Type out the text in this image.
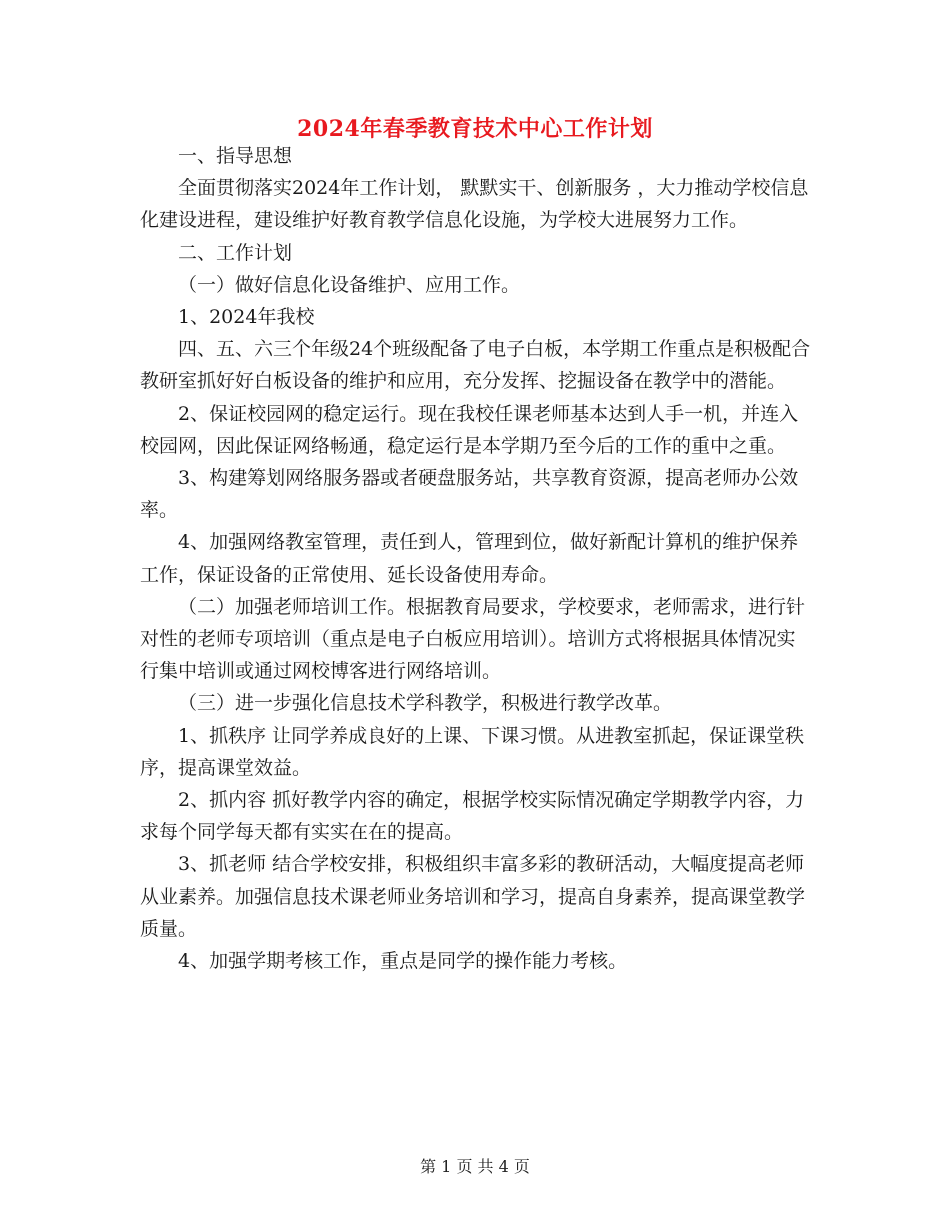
2024年春季教育技术中心工作计划

一、指导思想

全面贯彻落实2024年工作计划， 默默实干、创新服务 ，大力推动学校信息化建设进程，建设维护好教育教学信息化设施，为学校大进展努力工作。

二、工作计划

（一）做好信息化设备维护、应用工作。

1、2024年我校

四、五、六三个年级24个班级配备了电子白板，本学期工作重点是积极配合教研室抓好好白板设备的维护和应用，充分发挥、挖掘设备在教学中的潜能。

2、保证校园网的稳定运行。现在我校任课老师基本达到人手一机，并连入校园网，因此保证网络畅通，稳定运行是本学期乃至今后的工作的重中之重。

3、构建筹划网络服务器或者硬盘服务站，共享教育资源，提高老师办公效率。

4、加强网络教室管理，责任到人，管理到位，做好新配计算机的维护保养工作，保证设备的正常使用、延长设备使用寿命。

（二）加强老师培训工作。根据教育局要求，学校要求，老师需求，进行针对性的老师专项培训（重点是电子白板应用培训）。培训方式将根据具体情况实行集中培训或通过网校博客进行网络培训。

（三）进一步强化信息技术学科教学，积极进行教学改革。

1、抓秩序 让同学养成良好的上课、下课习惯。从进教室抓起，保证课堂秩序，提高课堂效益。

2、抓内容 抓好教学内容的确定，根据学校实际情况确定学期教学内容，力求每个同学每天都有实实在在的提高。

3、抓老师 结合学校安排，积极组织丰富多彩的教研活动，大幅度提高老师从业素养。加强信息技术课老师业务培训和学习，提高自身素养，提高课堂教学质量。

4、加强学期考核工作，重点是同学的操作能力考核。

第 1 页 共 4 页
